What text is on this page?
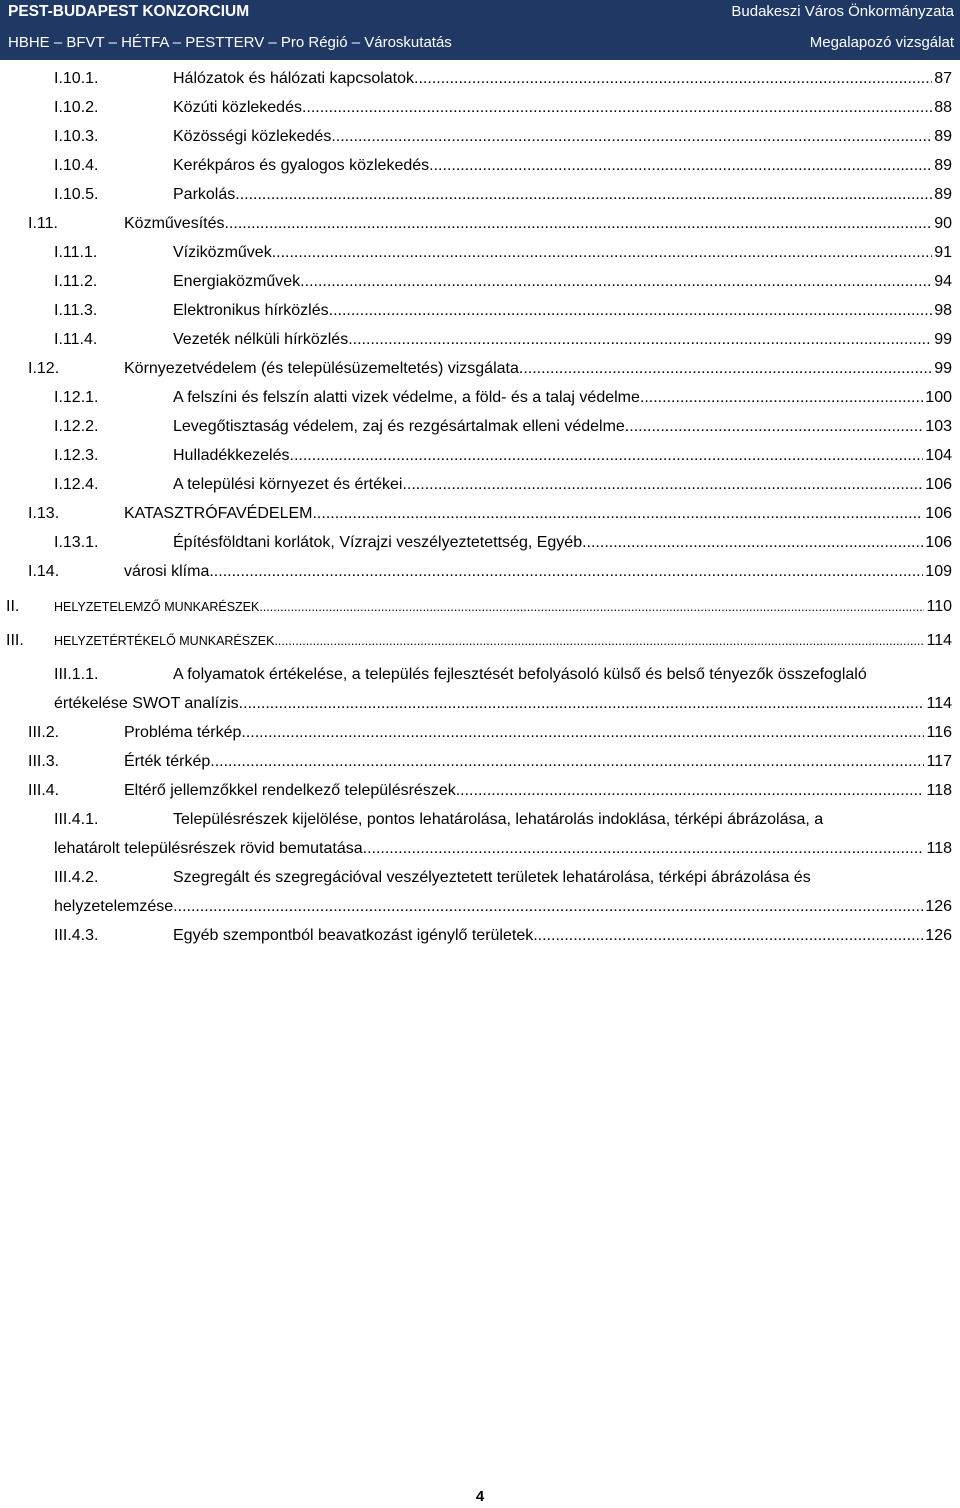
PEST-BUDAPEST KONZORCIUM
HBHE – BFVT – HÉTFA – PESTTERV – Pro Régió – Városkutatás
Budakeszi Város Önkormányzata
Megalapozó vizsgálat
I.10.1.	Hálózatok és hálózati kapcsolatok .....	87
I.10.2.	Közúti közlekedés .....	88
I.10.3.	Közösségi közlekedés .....	89
I.10.4.	Kerékpáros és gyalogos közlekedés .....	89
I.10.5.	Parkolás .....	89
I.11.	Közművesítés .....	90
I.11.1.	Víziközművek .....	91
I.11.2.	Energiaközművek .....	94
I.11.3.	Elektronikus hírközlés .....	98
I.11.4.	Vezeték nélküli hírközlés .....	99
I.12.	Környezetvédelem (és településüzemeltetés) vizsgálata .....	99
I.12.1.	A felszíni és felszín alatti vizek védelme, a föld- és a talaj védelme .....	100
I.12.2.	Levegőtisztaság védelem, zaj és rezgésártalmak elleni védelme .....	103
I.12.3.	Hulladékkezelés .....	104
I.12.4.	A települési környezet és értékei .....	106
I.13.	KATASZTRÓFAVÉDELEM .....	106
I.13.1.	Építésföldtani korlátok, Vízrajzi veszélyeztetettség, Egyéb .....	106
I.14.	városi klíma .....	109
II.	HELYZETELEMZŐ MUNKARÉSZEK .....	110
III. HELYZETÉRTÉKELŐ MUNKARÉSZEK .....	114
III.1.1.	A folyamatok értékelése, a település fejlesztését befolyásoló külső és belső tényezők összefoglaló
értékelése SWOT analízis .....	114
III.2.	Probléma térkép .....	116
III.3.	Érték térkép .....	117
III.4.	Eltérő jellemzőkkel rendelkező településrészek .....	118
III.4.1.	Településrészek kijelölése, pontos lehatárolása, lehatárolás indoklása, térképi ábrázolása, a
lehatárolt településrészek rövid bemutatása .....	118
III.4.2.	Szegregált és szegregációval veszélyeztetett területek lehatárolása, térképi ábrázolása és
helyzetelemzése .....	126
III.4.3.	Egyéb szempontból beavatkozást igénylő területek .....	126
4
